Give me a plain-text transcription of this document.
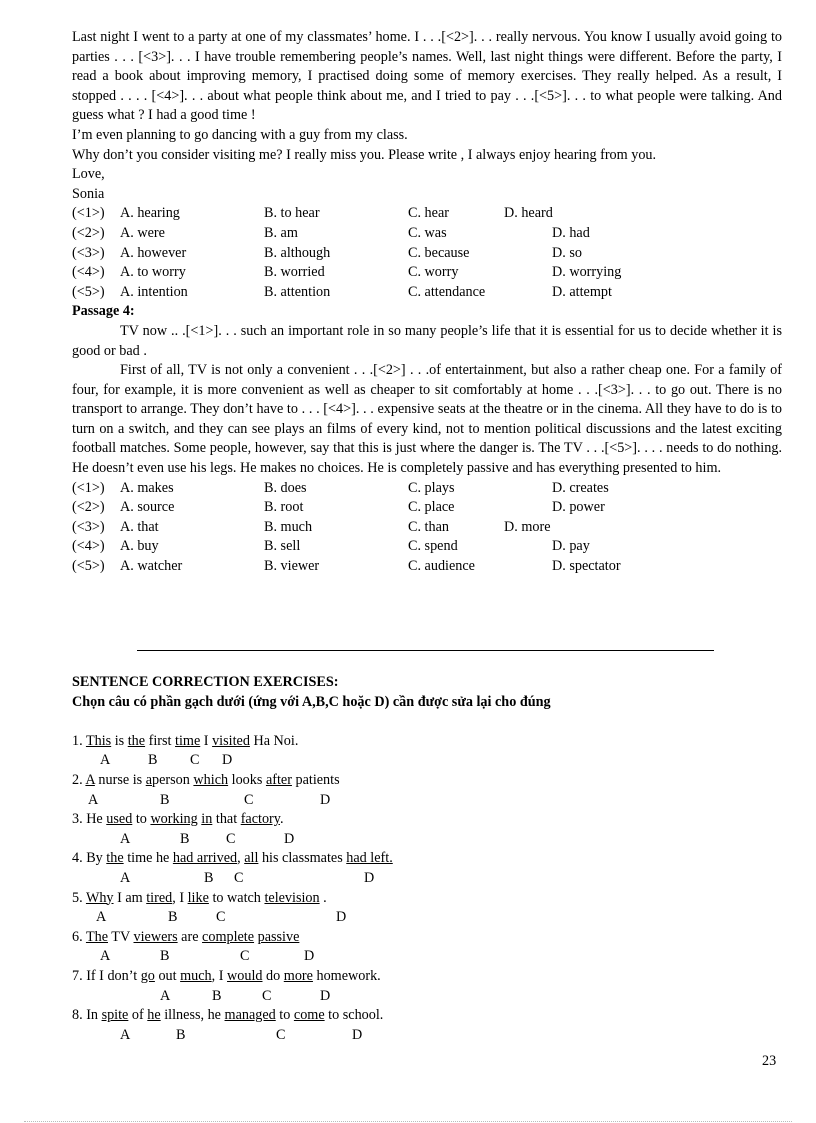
Last night I went to a party at one of my classmates’ home. I . . .[<2>]. . . really nervous. You know I usually avoid going to parties . . . [<3>]. . . I have trouble remembering people’s names. Well, last night things were different. Before the party, I read a book about improving memory, I practised doing some of memory exercises. They really helped. As a result, I stopped . . . . [<4>]. . . about what people think about me, and I tried to pay . . .[<5>]. . . to what people were talking. And guess what ? I had a good time !

I’m even planning to go dancing with a guy from my class.

Why don’t you consider visiting me? I really miss you. Please write , I always enjoy hearing from you.

Love,

Sonia

(<1>) A. hearing	B. to hear	C. hear	D. heard
(<2>) A. were	B. am	C. was	D. had
(<3>) A. however	B. although	C. because	D. so
(<4>) A. to worry	B. worried	C. worry	D. worrying
(<5>) A. intention	B. attention	C. attendance	D. attempt

Passage 4:

TV now .. .[<1>]. . . such an important role in so many people’s life that it is essential for us to decide whether it is good or bad .

First of all, TV is not only a convenient . . .[<2>] . . .of entertainment, but also a rather cheap one. For a family of four, for example, it is more convenient as well as cheaper to sit comfortably at home . . .[<3>]. . . to go out. There is no transport to arrange. They don’t have to . . . [<4>]. . . expensive seats at the theatre or in the cinema. All they have to do is to turn on a switch, and they can see plays an films of every kind, not to mention political discussions and the latest exciting football matches. Some people, however, say that this is just where the danger is. The TV . . .[<5>]. . . . needs to do nothing. He doesn’t even use his legs. He makes no choices. He is completely passive and has everything presented to him.

(<1>) A. makes	B. does	C. plays	D. creates
(<2>) A. source	B. root	C. place	D. power
(<3>) A. that	B. much	C. than	D. more
(<4>) A. buy	B. sell	C. spend	D. pay
(<5>) A. watcher	B. viewer	C. audience	D. spectator
SENTENCE CORRECTION EXERCISES:
Chọn câu có phần gạch dưới (ứng với A,B,C hoặc D) cần được sửa lại cho đúng
1. This is the first time I visited Ha Noi.
A	B C D
2. A nurse is aperson which looks after patients
A	B	C	D
3. He used to working in that factory.
A	B	C	D
4. By the time he had arrived, all his classmates had left.
A	B C	D
5. Why I am tired, I like to watch television .
A	B	C	D
6. The TV viewers are complete passive
A	B	C	D
7. If I don’t go out much, I would do more homework.
A	B	C	D
8. In spite of he illness, he managed to come to school.
A	B	C	D
23
